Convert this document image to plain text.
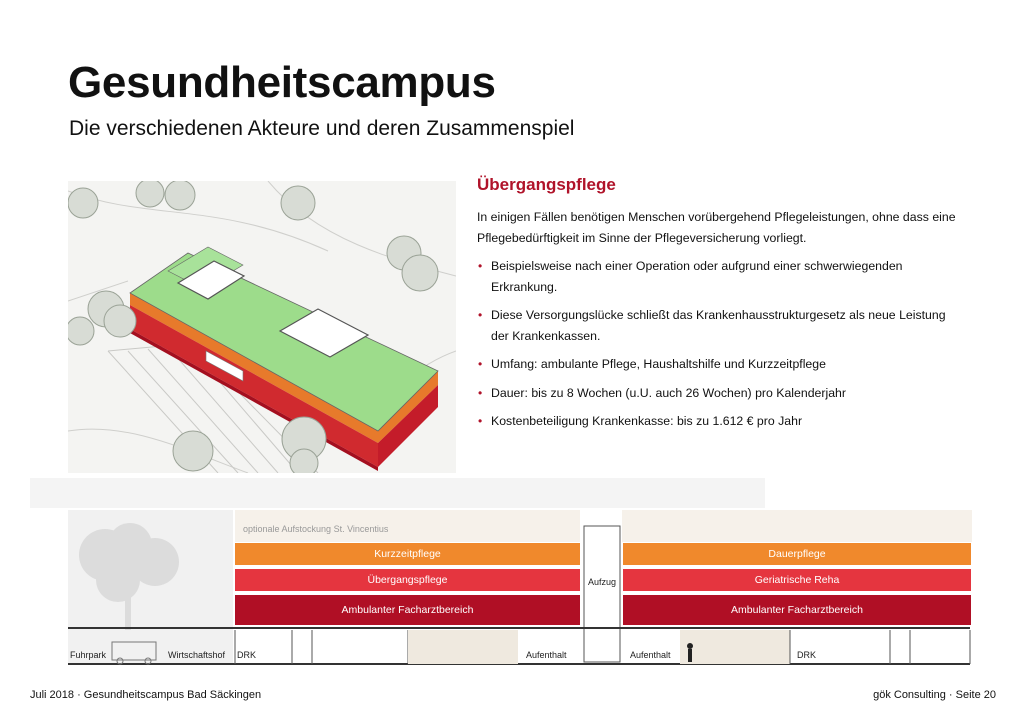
Gesundheitscampus
Die verschiedenen Akteure und deren Zusammenspiel
Übergangspflege

In einigen Fällen benötigen Menschen vorübergehend Pflegeleistungen, ohne dass eine Pflegebedürftigkeit im Sinne der Pflegeversicherung vorliegt.

• Beispielsweise nach einer Operation oder aufgrund einer schwerwiegenden Erkrankung.
• Diese Versorgungslücke schließt das Krankenhausstrukturgesetz als neue Leistung der Krankenkassen.
• Umfang: ambulante Pflege, Haushaltshilfe und Kurzzeitpflege
• Dauer: bis zu 8 Wochen (u.U. auch 26 Wochen) pro Kalenderjahr
• Kostenbeteiligung Krankenkasse: bis zu 1.612 € pro Jahr
optionale Aufstockung St. Vincentius
Kurzzeitpflege
Übergangspflege
Ambulanter Facharztbereich
Dauerpflege
Geriatrische Reha
Ambulanter Facharztbereich
Aufzug
Fuhrpark	Wirtschaftshof DRK	Aufenthalt	Aufenthalt	DRK
Juli 2018 · Gesundheitscampus Bad Säckingen	gök Consulting · Seite 20
